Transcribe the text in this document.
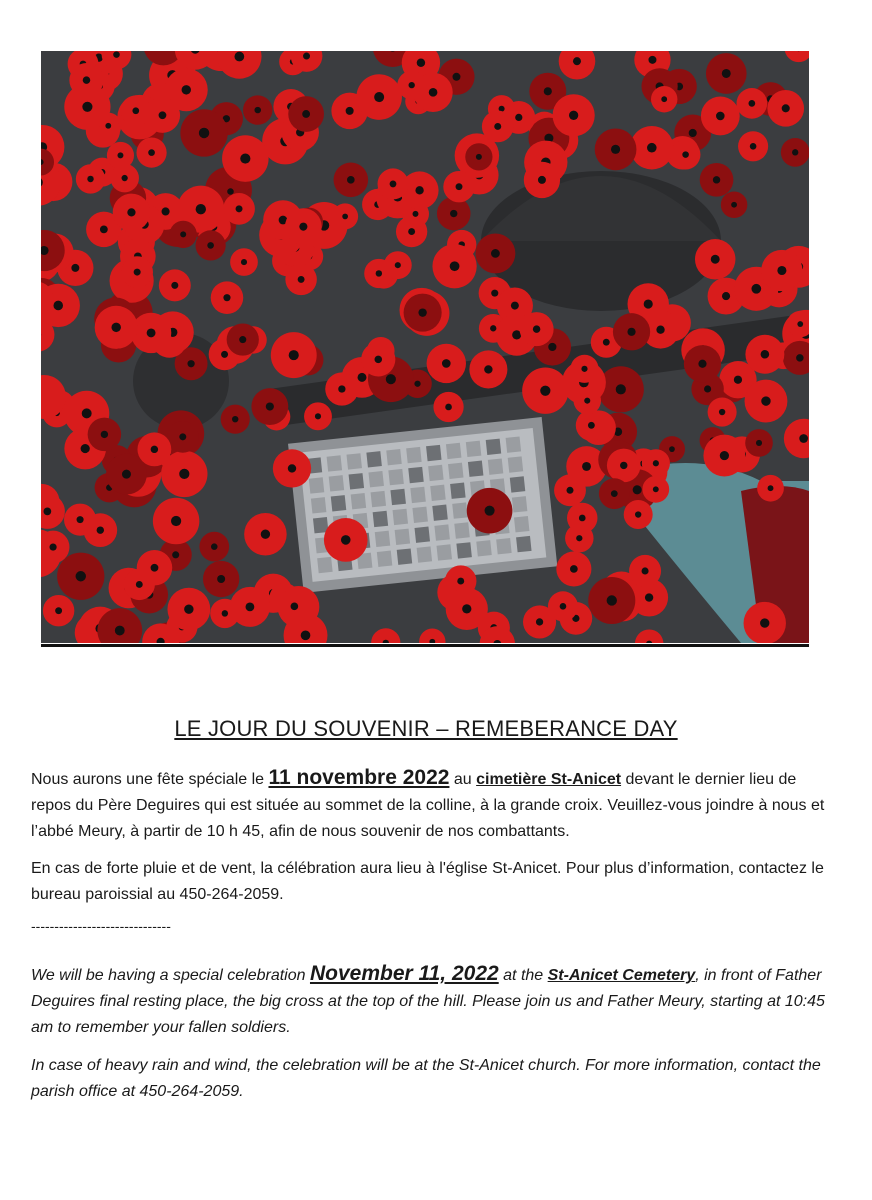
LE JOUR DU SOUVENIR – REMEBERANCE DAY

Nous aurons une fête spéciale le 11 novembre 2022 au cimetière St-Anicet devant le dernier lieu de repos du Père Deguires qui est située au sommet de la colline, à la grande croix. Veuillez-vous joindre à nous et l’abbé Meury, à partir de 10 h 45, afin de nous souvenir de nos combattants.

En cas de forte pluie et de vent, la célébration aura lieu à l'église St-Anicet. Pour plus d’information, contactez le bureau paroissial au 450-264-2059.

------------------------------

We will be having a special celebration November 11, 2022 at the St-Anicet Cemetery, in front of Father Deguires final resting place, the big cross at the top of the hill. Please join us and Father Meury, starting at 10:45 am to remember your fallen soldiers.

In case of heavy rain and wind, the celebration will be at the St-Anicet church. For more information, contact the parish office at 450-264-2059.
